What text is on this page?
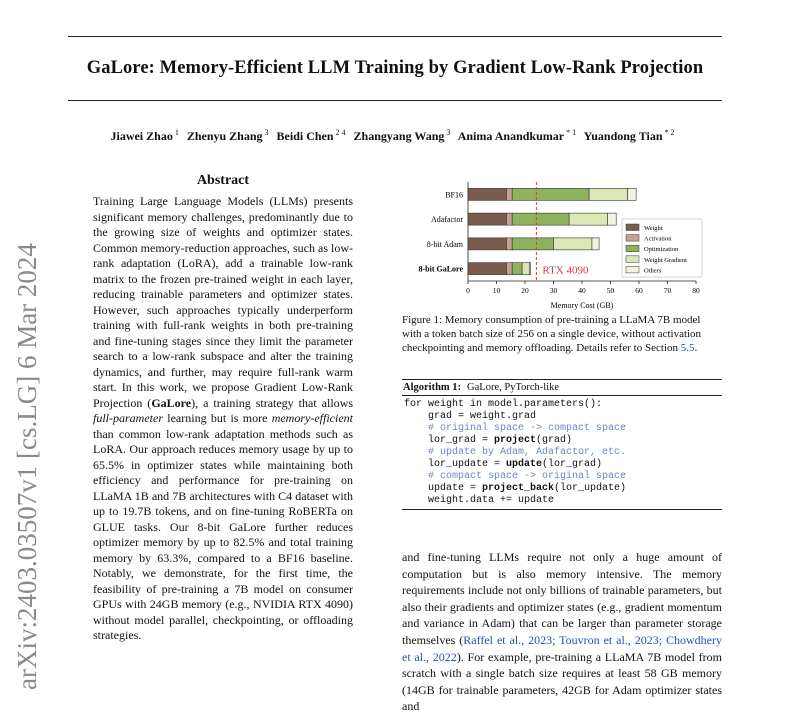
GaLore: Memory-Efficient LLM Training by Gradient Low-Rank Projection
Jiawei Zhao $^1$ Zhenyu Zhang $^3$ Beidi Chen $^{2 4}$ Zhangyang Wang $^3$ Anima Anandkumar $^{* 1}$ Yuandong Tian $^{* 2}$
arXiv:2403.03507v1 [cs.LG] 6 Mar 2024
Abstract
Training Large Language Models (LLMs) presents significant memory challenges, predominantly due to the growing size of weights and optimizer states. Common memory-reduction approaches, such as low-rank adaptation (LoRA), add a trainable low-rank matrix to the frozen pre-trained weight in each layer, reducing trainable parameters and optimizer states. However, such approaches typically underperform training with full-rank weights in both pre-training and fine-tuning stages since they limit the parameter search to a low-rank subspace and alter the training dynamics, and further, may require full-rank warm start. In this work, we propose Gradient Low-Rank Projection (GaLore), a training strategy that allows full-parameter learning but is more memory-efficient than common low-rank adaptation methods such as LoRA. Our approach reduces memory usage by up to 65.5% in optimizer states while maintaining both efficiency and performance for pre-training on LLaMA 1B and 7B architectures with C4 dataset with up to 19.7B tokens, and on fine-tuning RoBERTa on GLUE tasks. Our 8-bit GaLore further reduces optimizer memory by up to 82.5% and total training memory by 63.3%, compared to a BF16 baseline. Notably, we demonstrate, for the first time, the feasibility of pre-training a 7B model on consumer GPUs with 24GB memory (e.g., NVIDIA RTX 4090) without model parallel, checkpointing, or offloading strategies.
0	10	20	30	40	50	60	70	80
Memory Cost (GB)
BF16
Adafactor
8-bit Adam
8-bit GaLore	RTX 4090
Weight
Activation
Optimization
Weight Gradient
Others
Figure 1: Memory consumption of pre-training a LLaMA 7B model with a token batch size of 256 on a single device, without activation checkpointing and memory offloading. Details refer to Section 5.5.
Algorithm 1: GaLore, PyTorch-like
for weight in model.parameters():
grad = weight.grad
# original space -> compact space
lor_grad = project(grad)
# update by Adam, Adafactor, etc.
lor_update = update(lor_grad)
# compact space -> original space
update = project_back(lor_update)
weight.data += update
and fine-tuning LLMs require not only a huge amount of computation but is also memory intensive. The memory requirements include not only billions of trainable parameters, but also their gradients and optimizer states (e.g., gradient momentum and variance in Adam) that can be larger than parameter storage themselves (Raffel et al., 2023; Touvron et al., 2023; Chowdhery et al., 2022). For example, pre-training a LLaMA 7B model from scratch with a single batch size requires at least 58 GB memory (14GB for trainable parameters, 42GB for Adam optimizer states and
